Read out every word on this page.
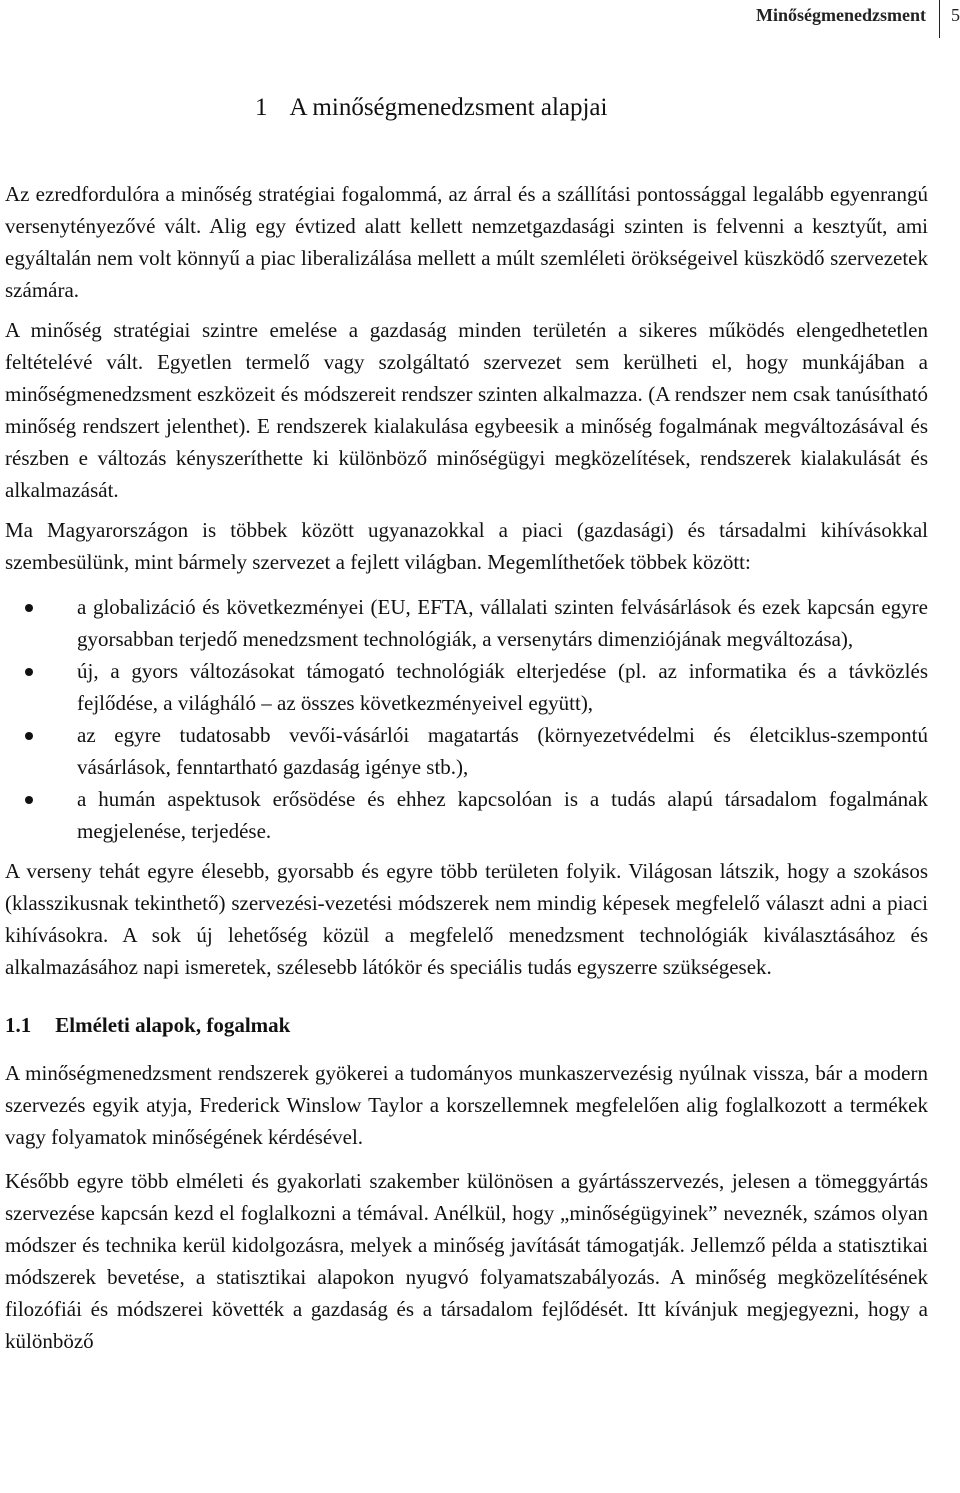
Minőségmenedzsment 5
1 A minőségmenedzsment alapjai

Az ezredfordulóra a minőség stratégiai fogalommá, az árral és a szállítási pontossággal legalább egyenrangú versenytényezővé vált. Alig egy évtized alatt kellett nemzetgazdasági szinten is felvenni a kesztyűt, ami egyáltalán nem volt könnyű a piac liberalizálása mellett a múlt szemléleti örökségeivel küszködő szervezetek számára.

A minőség stratégiai szintre emelése a gazdaság minden területén a sikeres működés elengedhetetlen feltételévé vált. Egyetlen termelő vagy szolgáltató szervezet sem kerülheti el, hogy munkájában a minőségmenedzsment eszközeit és módszereit rendszer szinten alkalmazza. (A rendszer nem csak tanúsítható minőség rendszert jelenthet). E rendszerek kialakulása egybeesik a minőség fogalmának megváltozásával és részben e változás kényszeríthette ki különböző minőségügyi megközelítések, rendszerek kialakulását és alkalmazását.

Ma Magyarországon is többek között ugyanazokkal a piaci (gazdasági) és társadalmi kihívásokkal szembesülünk, mint bármely szervezet a fejlett világban. Megemlíthetőek többek között:

a globalizáció és következményei (EU, EFTA, vállalati szinten felvásárlások és ezek kapcsán egyre gyorsabban terjedő menedzsment technológiák, a versenytárs dimenziójának megváltozása),
új, a gyors változásokat támogató technológiák elterjedése (pl. az informatika és a távközlés fejlődése, a világháló – az összes következményeivel együtt),
az egyre tudatosabb vevői-vásárlói magatartás (környezetvédelmi és életciklus-szempontú vásárlások, fenntartható gazdaság igénye stb.),
a humán aspektusok erősödése és ehhez kapcsolóan is a tudás alapú társadalom fogalmának megjelenése, terjedése.

A verseny tehát egyre élesebb, gyorsabb és egyre több területen folyik. Világosan látszik, hogy a szokásos (klasszikusnak tekinthető) szervezési-vezetési módszerek nem mindig képesek megfelelő választ adni a piaci kihívásokra. A sok új lehetőség közül a megfelelő menedzsment technológiák kiválasztásához és alkalmazásához napi ismeretek, szélesebb látókör és speciális tudás egyszerre szükségesek.

1.1 Elméleti alapok, fogalmak

A minőségmenedzsment rendszerek gyökerei a tudományos munkaszervezésig nyúlnak vissza, bár a modern szervezés egyik atyja, Frederick Winslow Taylor a korszellemnek megfelelően alig foglalkozott a termékek vagy folyamatok minőségének kérdésével.

Később egyre több elméleti és gyakorlati szakember különösen a gyártásszervezés, jelesen a tömeggyártás szervezése kapcsán kezd el foglalkozni a témával. Anélkül, hogy „minőségügyinek” neveznék, számos olyan módszer és technika kerül kidolgozásra, melyek a minőség javítását támogatják. Jellemző példa a statisztikai módszerek bevetése, a statisztikai alapokon nyugvó folyamatszabályozás. A minőség megközelítésének filozófiái és módszerei követték a gazdaság és a társadalom fejlődését. Itt kívánjuk megjegyezni, hogy a különböző
